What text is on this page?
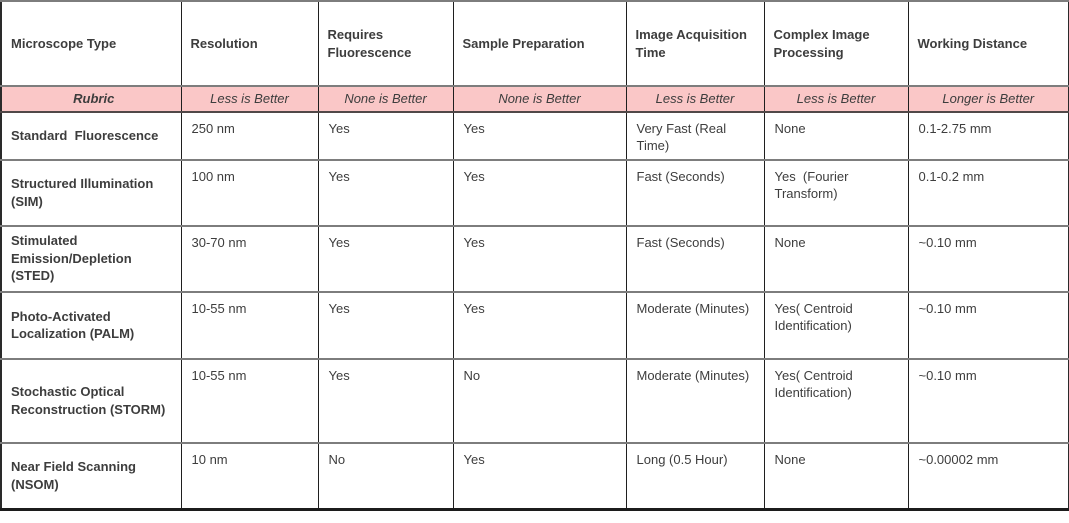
Microscope Type	Resolution	Requires Fluorescence	Sample Preparation	Image Acquisition Time	Complex Image Processing	Working Distance
Rubric	Less is Better	None is Better	None is Better	Less is Better	Less is Better	Longer is Better
Standard  Fluorescence	250 nm	Yes	Yes	Very Fast (Real Time)	None	0.1-2.75 mm
Structured Illumination (SIM)	100 nm	Yes	Yes	Fast (Seconds)	Yes  (Fourier Transform)	0.1-0.2 mm
Stimulated Emission/Depletion (STED)	30-70 nm	Yes	Yes	Fast (Seconds)	None	~0.10 mm
Photo-Activated Localization (PALM)	10-55 nm	Yes	Yes	Moderate (Minutes)	Yes( Centroid Identification)	~0.10 mm
Stochastic Optical Reconstruction (STORM)	10-55 nm	Yes	No	Moderate (Minutes)	Yes( Centroid Identification)	~0.10 mm
Near Field Scanning (NSOM)	10 nm	No	Yes	Long (0.5 Hour)	None	~0.00002 mm
